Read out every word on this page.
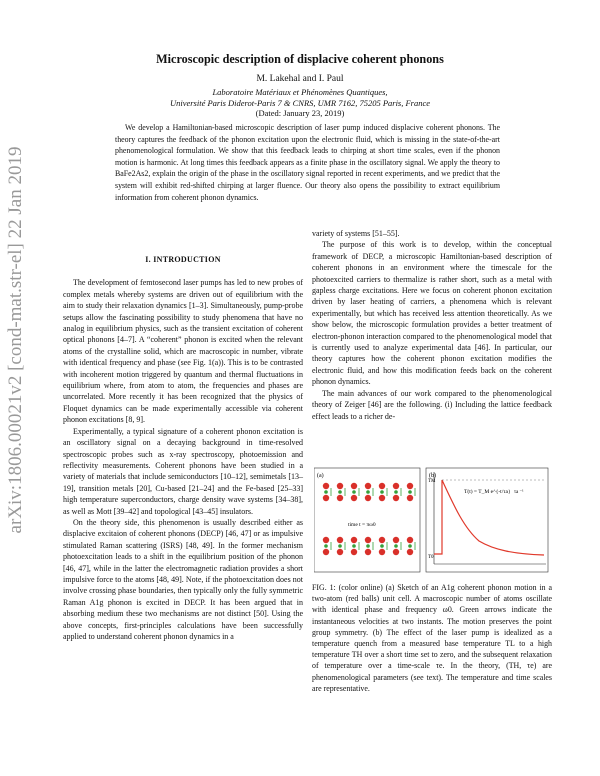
arXiv:1806.00021v2 [cond-mat.str-el] 22 Jan 2019
Microscopic description of displacive coherent phonons
M. Lakehal and I. Paul
Laboratoire Matériaux et Phénomènes Quantiques,
Université Paris Diderot-Paris 7 & CNRS, UMR 7162, 75205 Paris, France
(Dated: January 23, 2019)

We develop a Hamiltonian-based microscopic description of laser pump induced displacive coherent phonons. The theory captures the feedback of the phonon excitation upon the electronic fluid, which is missing in the state-of-the-art phenomenological formulation. We show that this feedback leads to chirping at short time scales, even if the phonon motion is harmonic. At long times this feedback appears as a finite phase in the oscillatory signal. We apply the theory to BaFe2As2, explain the origin of the phase in the oscillatory signal reported in recent experiments, and we predict that the system will exhibit red-shifted chirping at larger fluence. Our theory also opens the possibility to extract equilibrium information from coherent phonon dynamics.

I. INTRODUCTION

The development of femtosecond laser pumps has led to new probes of complex metals whereby systems are driven out of equilibrium with the aim to study their relaxation dynamics [1–3]. Simultaneously, pump-probe setups allow the fascinating possibility to study phenomena that have no analog in equilibrium physics, such as the transient excitation of coherent optical phonons [4–7]. A “coherent” phonon is excited when the relevant atoms of the crystalline solid, which are macroscopic in number, vibrate with identical frequency and phase (see Fig. 1(a)). This is to be contrasted with incoherent motion triggered by quantum and thermal fluctuations in equilibrium where, from atom to atom, the frequencies and phases are uncorrelated. More recently it has been recognized that the physics of Floquet dynamics can be made experimentally accessible via coherent phonon excitations [8, 9].

Experimentally, a typical signature of a coherent phonon excitation is an oscillatory signal on a decaying background in time-resolved spectroscopic probes such as x-ray spectroscopy, photoemission and reflectivity measurements. Coherent phonons have been studied in a variety of materials that include semiconductors [10–12], semimetals [13–19], transition metals [20], Cu-based [21–24] and the Fe-based [25–33] high temperature superconductors, charge density wave systems [34–38], as well as Mott [39–42] and topological [43–45] insulators.

On the theory side, this phenomenon is usually described either as displacive excitaion of coherent phonons (DECP) [46, 47] or as impulsive stimulated Raman scattering (ISRS) [48, 49]. In the former mechanism photoexcitation leads to a shift in the equilibrium position of the phonon [46, 47], while in the latter the electromagnetic radiation provides a short impulsive force to the atoms [48, 49]. Note, if the photoexcitation does not involve crossing phase boundaries, then typically only the fully symmetric Raman A1g phonon is excited in DECP. It has been argued that in absorbing medium these two mechanisms are not distinct [50]. Using the above concepts, first-principles calculations have been successfully applied to understand coherent phonon dynamics in a

variety of systems [51–55].

The purpose of this work is to develop, within the conceptual framework of DECP, a microscopic Hamiltonian-based description of coherent phonons in an environment where the timescale for the photoexcited carriers to thermalize is rather short, such as a metal with gapless charge excitations. Here we focus on coherent phonon excitation driven by laser heating of carriers, a phenomena which is relevant experimentally, but which has received less attention theoretically. As we show below, the microscopic formulation provides a better treatment of electron-phonon interaction compared to the phenomenological model that is currently used to analyze experimental data [46]. In particular, our theory captures how the coherent phonon excitation modifies the electronic fluid, and how this modification feeds back on the coherent phonon dynamics.

The main advances of our work compared to the phenomenological theory of Zeiger [46] are the following. (i) Including the lattice feedback effect leads to a richer de-

(a)
time t = πω0
(b)
T(t) = T_M e^{-t/τa}
T0
TM
τa ⁻¹

FIG. 1: (color online) (a) Sketch of an A1g coherent phonon motion in a two-atom (red balls) unit cell. A macroscopic number of atoms oscillate with identical phase and frequency ω0. Green arrows indicate the instantaneous velocities at two instants. The motion preserves the point group symmetry. (b) The effect of the laser pump is idealized as a temperature quench from a measured base temperature TL to a high temperature TH over a short time set to zero, and the subsequent relaxation of temperature over a time-scale τe. In the theory, (TH, τe) are phenomenological parameters (see text). The temperature and time scales are representative.
